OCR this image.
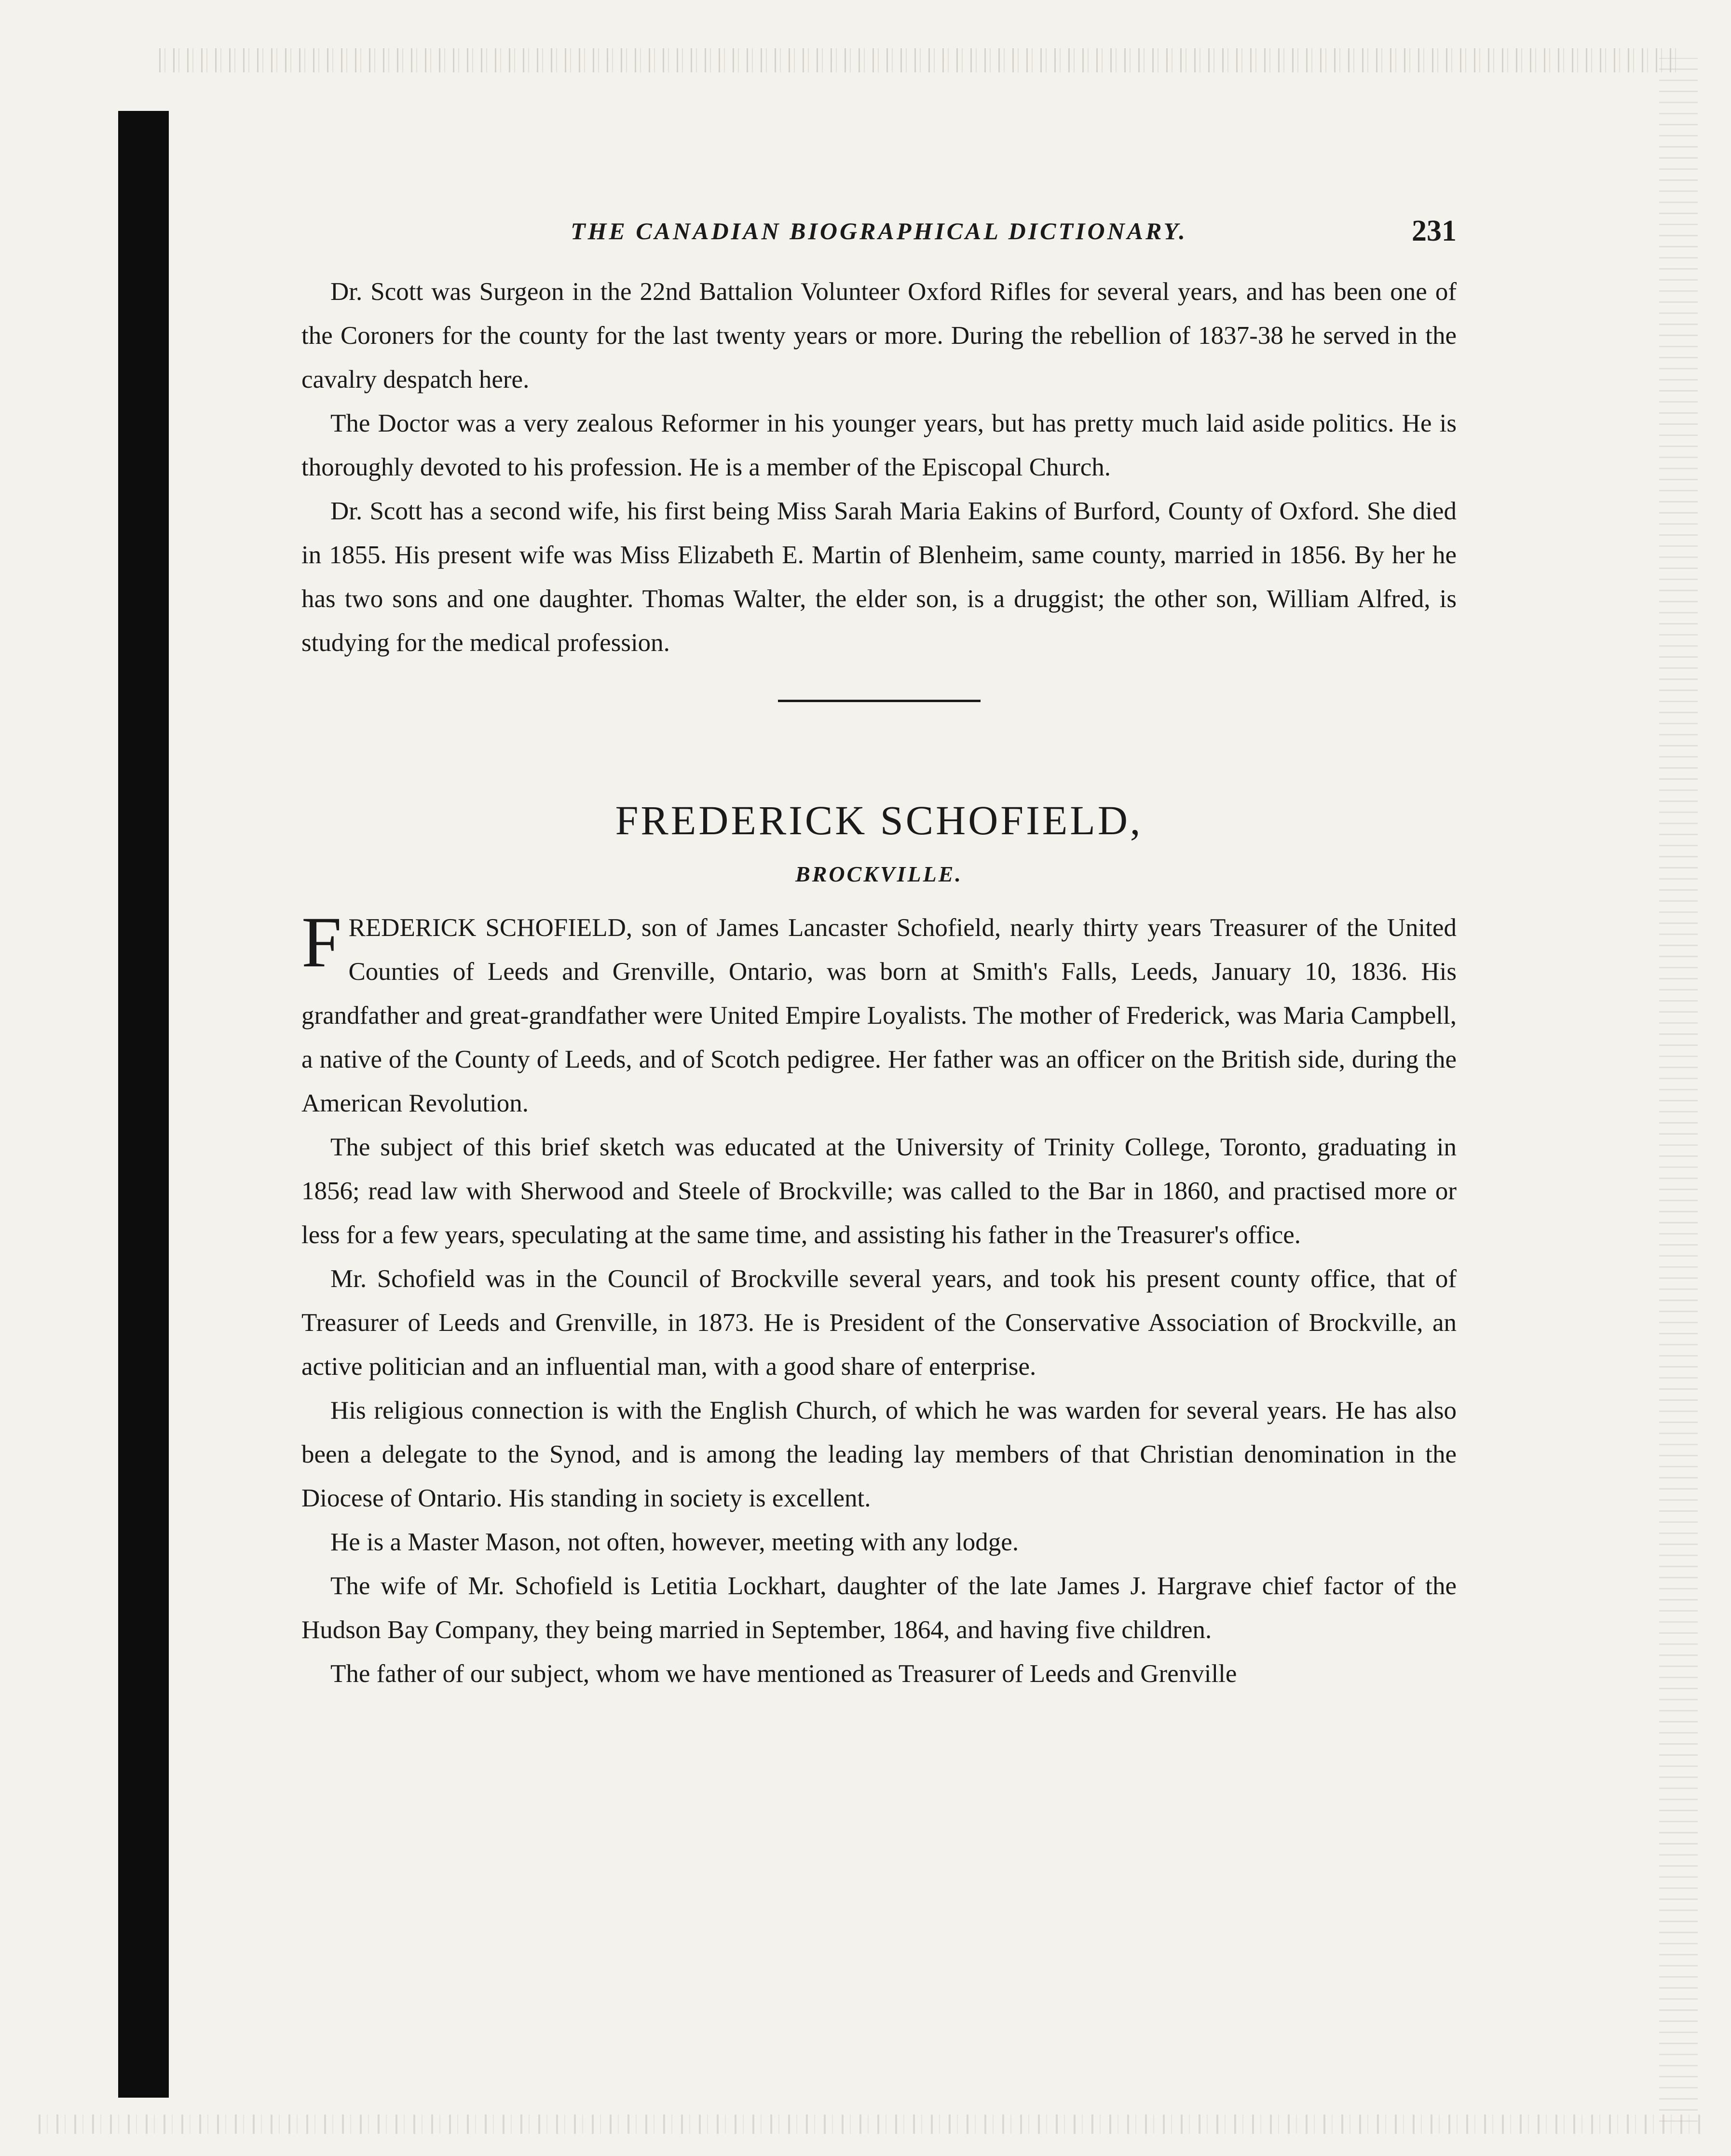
THE CANADIAN BIOGRAPHICAL DICTIONARY.	231

Dr. Scott was Surgeon in the 22nd Battalion Volunteer Oxford Rifles for several years, and has been one of the Coroners for the county for the last twenty years or more. During the rebellion of 1837-38 he served in the cavalry despatch here.

The Doctor was a very zealous Reformer in his younger years, but has pretty much laid aside politics. He is thoroughly devoted to his profession. He is a member of the Episcopal Church.

Dr. Scott has a second wife, his first being Miss Sarah Maria Eakins of Burford, County of Oxford. She died in 1855. His present wife was Miss Elizabeth E. Martin of Blenheim, same county, married in 1856. By her he has two sons and one daughter. Thomas Walter, the elder son, is a druggist; the other son, William Alfred, is studying for the medical profession.

FREDERICK SCHOFIELD,
BROCKVILLE.

FREDERICK SCHOFIELD, son of James Lancaster Schofield, nearly thirty years Treasurer of the United Counties of Leeds and Grenville, Ontario, was born at Smith's Falls, Leeds, January 10, 1836. His grandfather and great-grandfather were United Empire Loyalists. The mother of Frederick, was Maria Campbell, a native of the County of Leeds, and of Scotch pedigree. Her father was an officer on the British side, during the American Revolution.

The subject of this brief sketch was educated at the University of Trinity College, Toronto, graduating in 1856; read law with Sherwood and Steele of Brockville; was called to the Bar in 1860, and practised more or less for a few years, speculating at the same time, and assisting his father in the Treasurer's office.

Mr. Schofield was in the Council of Brockville several years, and took his present county office, that of Treasurer of Leeds and Grenville, in 1873. He is President of the Conservative Association of Brockville, an active politician and an influential man, with a good share of enterprise.

His religious connection is with the English Church, of which he was warden for several years. He has also been a delegate to the Synod, and is among the leading lay members of that Christian denomination in the Diocese of Ontario. His standing in society is excellent.

He is a Master Mason, not often, however, meeting with any lodge.

The wife of Mr. Schofield is Letitia Lockhart, daughter of the late James J. Hargrave chief factor of the Hudson Bay Company, they being married in September, 1864, and having five children.

The father of our subject, whom we have mentioned as Treasurer of Leeds and Grenville
